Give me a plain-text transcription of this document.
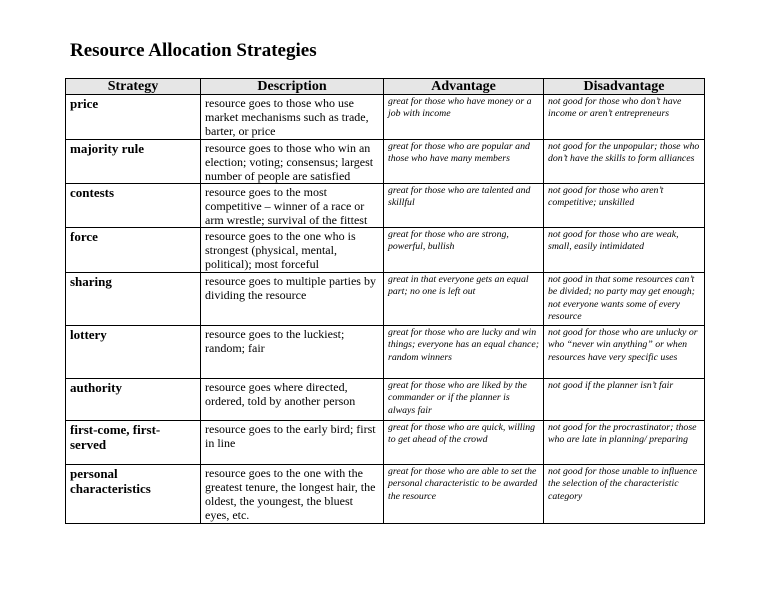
Resource Allocation Strategies
Strategy	Description	Advantage	Disadvantage
price	resource goes to those who use market mechanisms such as trade, barter, or price	great for those who have money or a job with income	not good for those who don’t have income or aren’t entrepreneurs
majority rule	resource goes to those who win an election; voting; consensus; largest number of people are satisfied	great for those who are popular and those who have many members	not good for the unpopular; those who don’t have the skills to form alliances
contests	resource goes to the most competitive – winner of a race or arm wrestle; survival of the fittest	great for those who are talented and skillful	not good for those who aren’t competitive; unskilled
force	resource goes to the one who is strongest (physical, mental, political); most forceful	great for those who are strong, powerful, bullish	not good for those who are weak, small, easily intimidated
sharing	resource goes to multiple parties by dividing the resource	great in that everyone gets an equal part; no one is left out	not good in that some resources can’t be divided; no party may get enough; not everyone wants some of every resource
lottery	resource goes to the luckiest; random; fair	great for those who are lucky and win things; everyone has an equal chance; random winners	not good for those who are unlucky or who “never win anything” or when resources have very specific uses
authority	resource goes where directed, ordered, told by another person	great for those who are liked by the commander or if the planner is always fair	not good if the planner isn’t fair
first-come, first-served	resource goes to the early bird; first in line	great for those who are quick, willing to get ahead of the crowd	not good for the procrastinator; those who are late in planning/ preparing
personal characteristics	resource goes to the one with the greatest tenure, the longest hair, the oldest, the youngest, the bluest eyes, etc.	great for those who are able to set the personal characteristic to be awarded the resource	not good for those unable to influence the selection of the characteristic category
